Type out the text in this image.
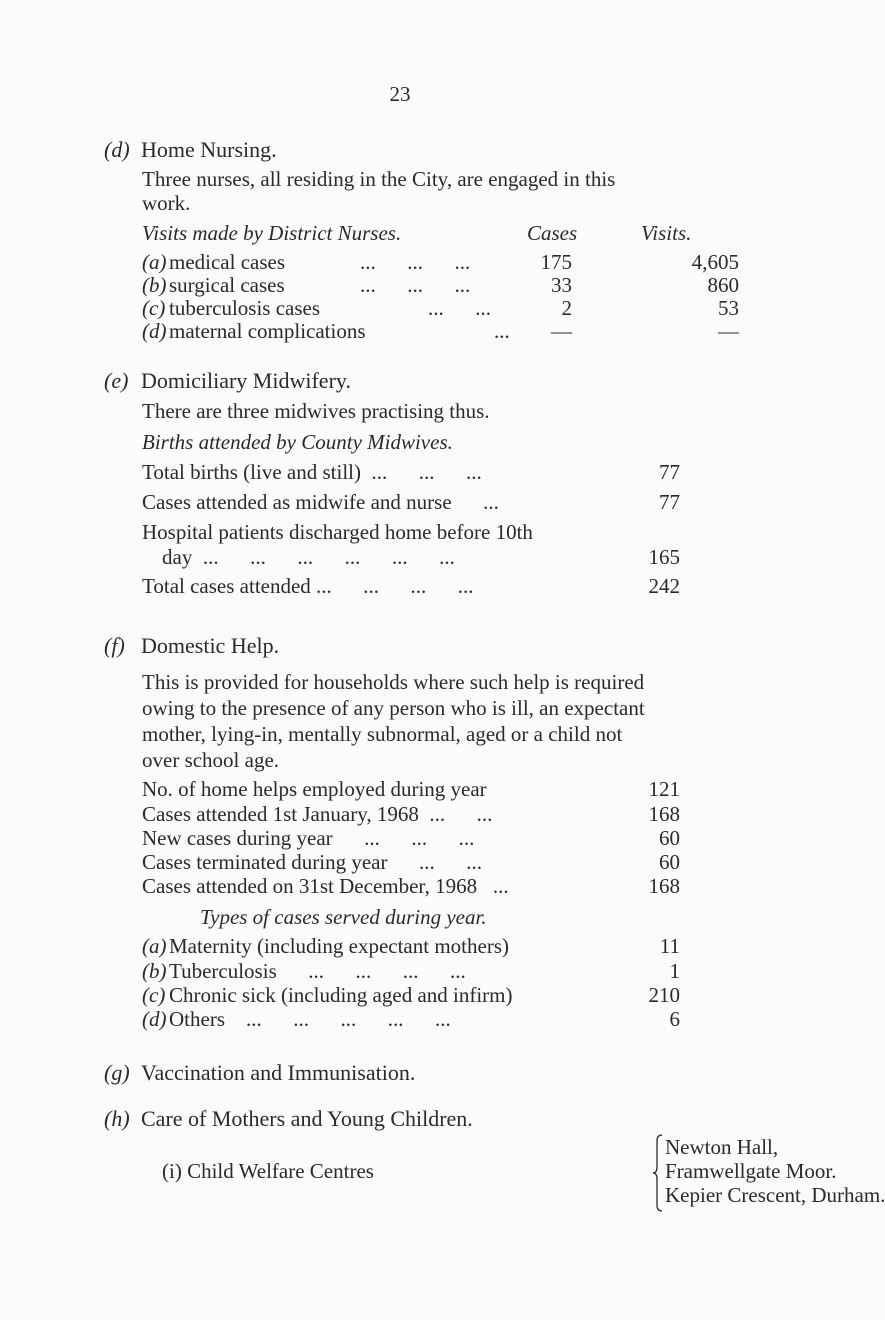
23
(d) Home Nursing.
Three nurses, all residing in the City, are engaged in this
work.
Visits made by District Nurses.	Cases	Visits.
(a) medical cases	...      ...      ...	175	4,605
(b) surgical cases	...      ...      ...	33	860
(c) tuberculosis cases	...      ...	2	53
(d) maternal complications	...	—	—
(e) Domiciliary Midwifery.
There are three midwives practising thus.
Births attended by County Midwives.
Total births (live and still)  ...      ...      ...	77
Cases attended as midwife and nurse      ...	77
Hospital patients discharged home before 10th
day  ...      ...      ...      ...      ...      ...	165
Total cases attended ...      ...      ...      ...	242
(f) Domestic Help.
This is provided for households where such help is required
owing to the presence of any person who is ill, an expectant
mother, lying-in, mentally subnormal, aged or a child not
over school age.
No. of home helps employed during year	121
Cases attended 1st January, 1968  ...      ...	168
New cases during year      ...      ...      ...	60
Cases terminated during year      ...      ...	60
Cases attended on 31st December, 1968   ...	168
Types of cases served during year.
(a) Maternity (including expectant mothers)	11
(b) Tuberculosis      ...      ...      ...      ...	1
(c) Chronic sick (including aged and infirm)	210
(d) Others    ...      ...      ...      ...      ...	6
(g) Vaccination and Immunisation.
(h) Care of Mothers and Young Children.
(i) Child Welfare Centres
Newton Hall,
Framwellgate Moor.
Kepier Crescent, Durham.
